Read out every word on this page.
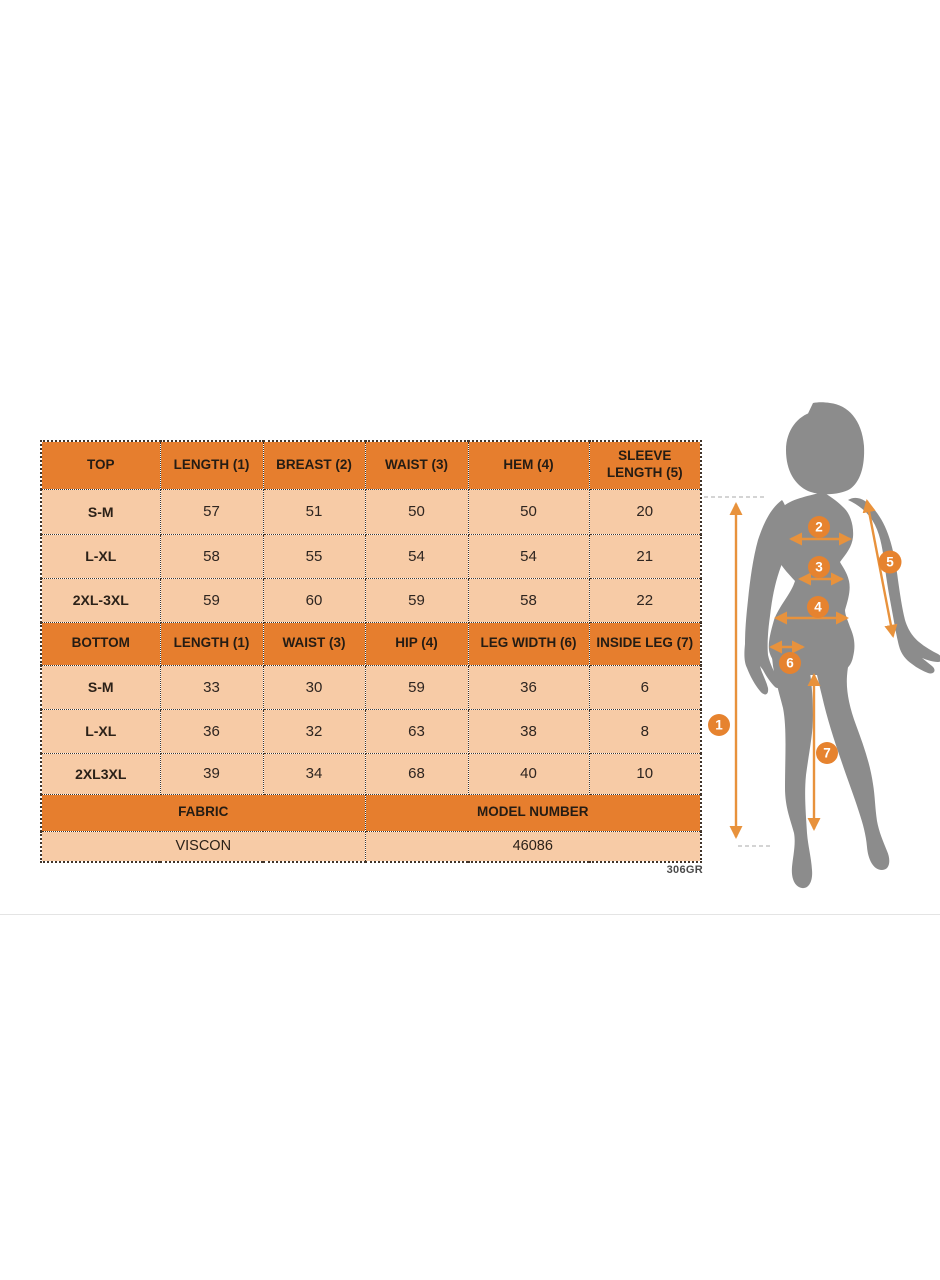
TOP	LENGTH (1)	BREAST (2)	WAIST (3)	HEM (4)	SLEEVE LENGTH (5)
S-M	57	51	50	50	20
L-XL	58	55	54	54	21
2XL-3XL	59	60	59	58	22
BOTTOM	LENGTH (1)	WAIST (3)	HIP (4)	LEG WIDTH (6)	INSIDE LEG (7)
S-M	33	30	59	36	6
L-XL	36	32	63	38	8
2XL3XL	39	34	68	40	10
FABRIC			MODEL NUMBER		
VISCON			46086		
306GR
1
2
3
4
5
6
7
